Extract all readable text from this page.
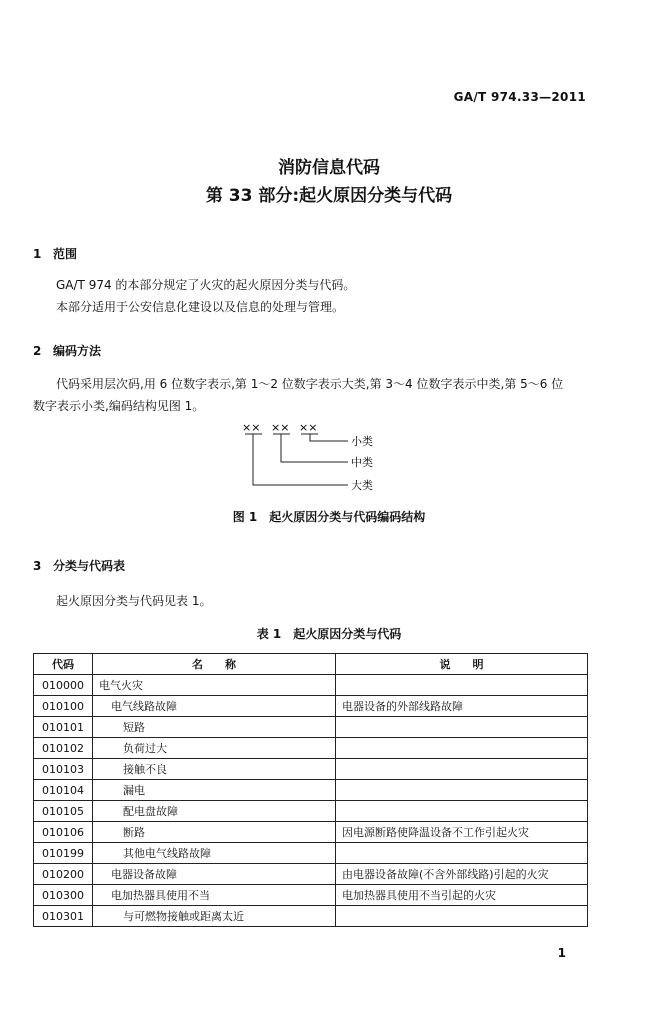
GA/T 974.33—2011
消防信息代码
第 33 部分:起火原因分类与代码
1 范围
GA/T 974 的本部分规定了火灾的起火原因分类与代码。
本部分适用于公安信息化建设以及信息的处理与管理。
2 编码方法
代码采用层次码,用 6 位数字表示,第 1～2 位数字表示大类,第 3～4 位数字表示中类,第 5～6 位
数字表示小类,编码结构见图 1。
×× ×× ××
小类
中类
大类
图 1　起火原因分类与代码编码结构
3 分类与代码表
起火原因分类与代码见表 1。
表 1　起火原因分类与代码
代码	名　　称	说　　明
010000	电气火灾	
010100	电气线路故障	电器设备的外部线路故障
010101	短路	
010102	负荷过大	
010103	接触不良	
010104	漏电	
010105	配电盘故障	
010106	断路	因电源断路使降温设备不工作引起火灾
010199	其他电气线路故障	
010200	电器设备故障	由电器设备故障(不含外部线路)引起的火灾
010300	电加热器具使用不当	电加热器具使用不当引起的火灾
010301	与可燃物接触或距离太近	
1
